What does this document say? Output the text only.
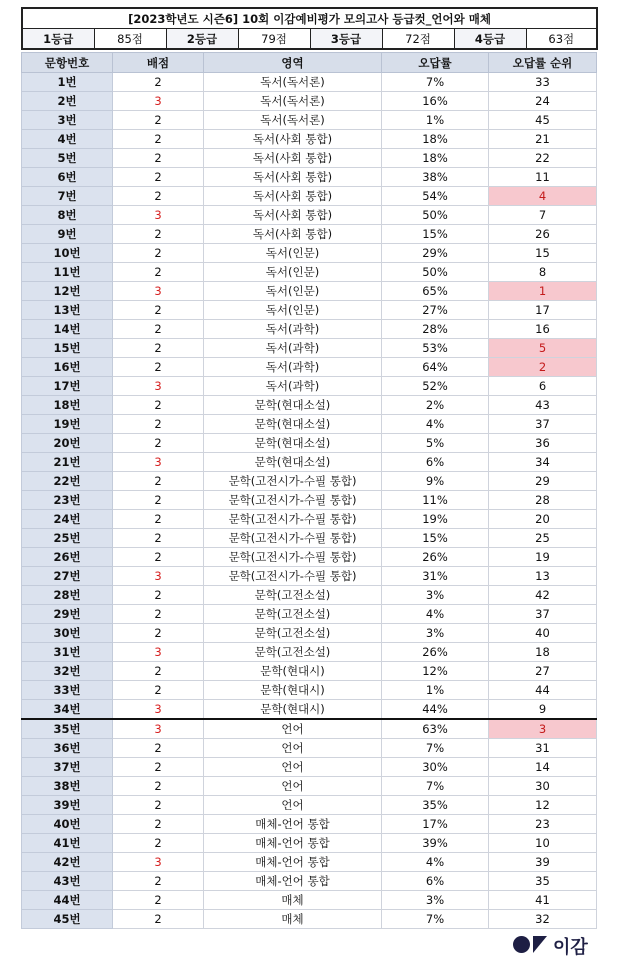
[2023학년도 시즌6] 10회 이감예비평가 모의고사 등급컷_언어와 매체
1등급	85점	2등급	79점	3등급	72점	4등급	63점
문항번호	배점	영역	오답률	오답률 순위
1번	2	독서(독서론)	7%	33
2번	3	독서(독서론)	16%	24
3번	2	독서(독서론)	1%	45
4번	2	독서(사회 통합)	18%	21
5번	2	독서(사회 통합)	18%	22
6번	2	독서(사회 통합)	38%	11
7번	2	독서(사회 통합)	54%	4
8번	3	독서(사회 통합)	50%	7
9번	2	독서(사회 통합)	15%	26
10번	2	독서(인문)	29%	15
11번	2	독서(인문)	50%	8
12번	3	독서(인문)	65%	1
13번	2	독서(인문)	27%	17
14번	2	독서(과학)	28%	16
15번	2	독서(과학)	53%	5
16번	2	독서(과학)	64%	2
17번	3	독서(과학)	52%	6
18번	2	문학(현대소설)	2%	43
19번	2	문학(현대소설)	4%	37
20번	2	문학(현대소설)	5%	36
21번	3	문학(현대소설)	6%	34
22번	2	문학(고전시가-수필 통합)	9%	29
23번	2	문학(고전시가-수필 통합)	11%	28
24번	2	문학(고전시가-수필 통합)	19%	20
25번	2	문학(고전시가-수필 통합)	15%	25
26번	2	문학(고전시가-수필 통합)	26%	19
27번	3	문학(고전시가-수필 통합)	31%	13
28번	2	문학(고전소설)	3%	42
29번	2	문학(고전소설)	4%	37
30번	2	문학(고전소설)	3%	40
31번	3	문학(고전소설)	26%	18
32번	2	문학(현대시)	12%	27
33번	2	문학(현대시)	1%	44
34번	3	문학(현대시)	44%	9
35번	3	언어	63%	3
36번	2	언어	7%	31
37번	2	언어	30%	14
38번	2	언어	7%	30
39번	2	언어	35%	12
40번	2	매체-언어 통합	17%	23
41번	2	매체-언어 통합	39%	10
42번	3	매체-언어 통합	4%	39
43번	2	매체-언어 통합	6%	35
44번	2	매체	3%	41
45번	2	매체	7%	32
이감
